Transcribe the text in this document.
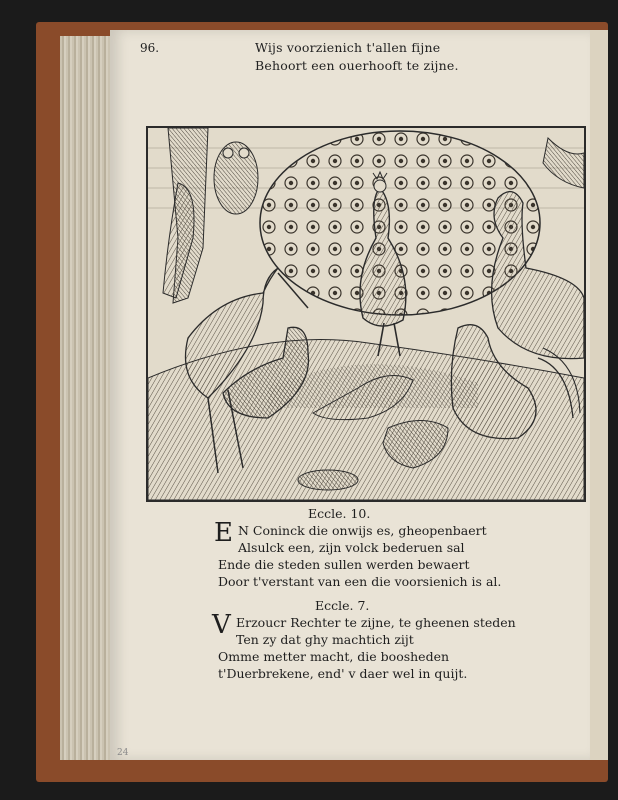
96.	Wijs voorzienich t'allen fijne
Behoort een ouerhooft te zijne.
Eccle. 10.
E N Coninck die onwijs es, gheopenbaert
Alsulck een, zijn volck bederuen sal
Ende die steden sullen werden bewaert
Door t'verstant van een die voorsienich is al.
Eccle. 7.
V Erzoucr Rechter te zijne, te gheenen steden
Ten zy dat ghy machtich zijt
Omme metter macht, die boosheden
t'Duerbrekene, end' v daer wel in quijt.
24
